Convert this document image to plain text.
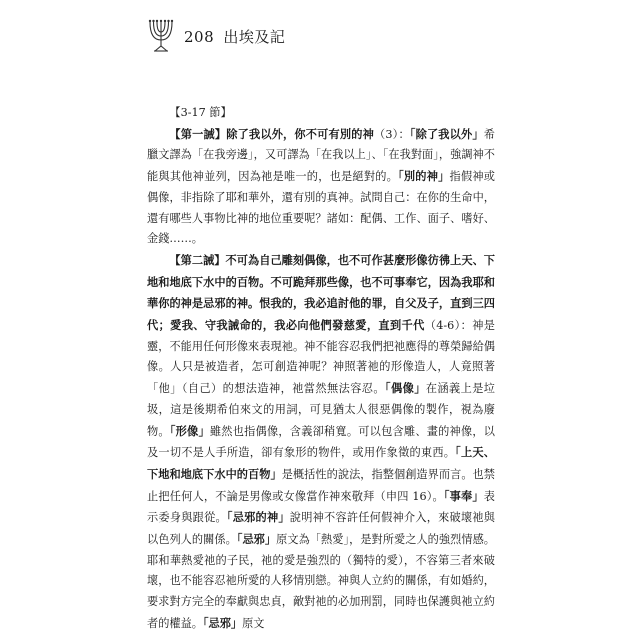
208 出埃及記

【3-17 節】

【第一誡】除了我以外，你不可有別的神（3）：「除了我以外」希臘文譯為「在我旁邊」，又可譯為「在我以上」、「在我對面」，強調神不能與其他神並列，因為祂是唯一的，也是絕對的。「別的神」指假神或偶像，非指除了耶和華外，還有別的真神。試問自己：在你的生命中，還有哪些人事物比神的地位重要呢？諸如：配偶、工作、面子、嗜好、金錢……。

【第二誡】不可為自己雕刻偶像，也不可作甚麼形像彷彿上天、下地和地底下水中的百物。不可跪拜那些像，也不可事奉它，因為我耶和華你的神是忌邪的神。恨我的，我必追討他的罪，自父及子，直到三四代；愛我、守我誡命的，我必向他們發慈愛，直到千代（4-6）：神是靈，不能用任何形像來表現祂。神不能容忍我們把祂應得的尊榮歸給偶像。人只是被造者，怎可創造神呢？神照著祂的形像造人，人竟照著「他」（自己）的想法造神，祂當然無法容忍。「偶像」在涵義上是垃圾，這是後期希伯來文的用詞，可見猶太人很惡偶像的製作，視為廢物。「形像」雖然也指偶像，含義卻稍寬。可以包含雕、畫的神像，以及一切不是人手所造，卻有象形的物件，或用作象徵的東西。「上天、下地和地底下水中的百物」是概括性的說法，指整個創造界而言。也禁止把任何人，不論是男像或女像當作神來敬拜（申四 16）。「事奉」表示委身與跟從。「忌邪的神」說明神不容許任何假神介入，來破壞祂與以色列人的關係。「忌邪」原文為「熱愛」，是對所愛之人的強烈情感。耶和華熱愛祂的子民，祂的愛是強烈的（獨特的愛），不容第三者來破壞，也不能容忍祂所愛的人移情別戀。神與人立約的關係，有如婚約，要求對方完全的奉獻與忠貞，敵對祂的必加刑罰，同時也保護與祂立約者的權益。「忌邪」原文
